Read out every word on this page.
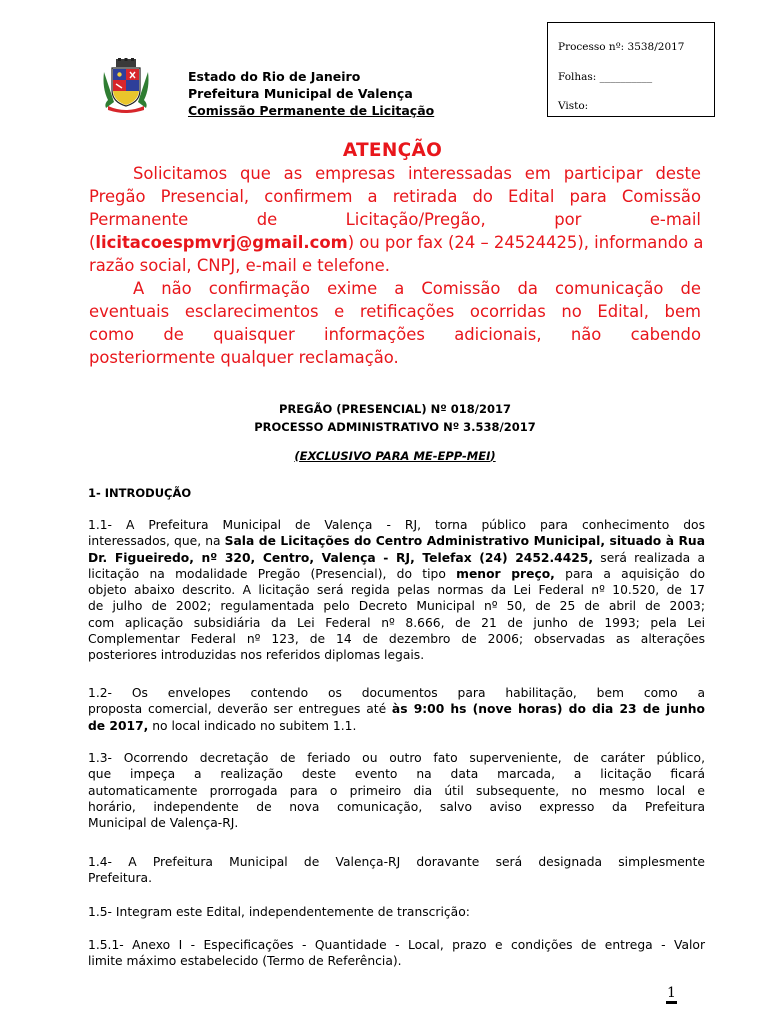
Estado do Rio de Janeiro
Prefeitura Municipal de Valença
Comissão Permanente de Licitação
Processo nº: 3538/2017
Folhas: __________
Visto:
ATENÇÃO
Solicitamos que as empresas interessadas em participar deste
Pregão Presencial, confirmem a retirada do Edital para Comissão
Permanente	de	Licitação/Pregão,	por	e-mail
(licitacoespmvrj@gmail.com) ou por fax (24 – 24524425), informando a
razão social, CNPJ, e-mail e telefone.
A não confirmação exime a Comissão da comunicação de
eventuais esclarecimentos e retificações ocorridas no Edital, bem
como de quaisquer informações adicionais, não cabendo
posteriormente qualquer reclamação.
PREGÃO (PRESENCIAL) Nº 018/2017
PROCESSO ADMINISTRATIVO Nº 3.538/2017
(EXCLUSIVO PARA ME-EPP-MEI)
1- INTRODUÇÃO
1.1- A Prefeitura Municipal de Valença - RJ, torna público para conhecimento dos
interessados, que, na Sala de Licitações do Centro Administrativo Municipal, situado à Rua
Dr. Figueiredo, nº 320, Centro, Valença - RJ, Telefax (24) 2452.4425, será realizada a
licitação na modalidade Pregão (Presencial), do tipo menor preço, para a aquisição do
objeto abaixo descrito. A licitação será regida pelas normas da Lei Federal nº 10.520, de 17
de julho de 2002; regulamentada pelo Decreto Municipal nº 50, de 25 de abril de 2003;
com aplicação subsidiária da Lei Federal nº 8.666, de 21 de junho de 1993; pela Lei
Complementar Federal nº 123, de 14 de dezembro de 2006; observadas as alterações
posteriores introduzidas nos referidos diplomas legais.
1.2- Os envelopes contendo os documentos para habilitação, bem como a
proposta comercial, deverão ser entregues até às 9:00 hs (nove horas) do dia 23 de junho
de 2017, no local indicado no subitem 1.1.
1.3- Ocorrendo decretação de feriado ou outro fato superveniente, de caráter público,
que impeça a realização deste evento na data marcada, a licitação ficará
automaticamente prorrogada para o primeiro dia útil subsequente, no mesmo local e
horário, independente de nova comunicação, salvo aviso expresso da Prefeitura
Municipal de Valença-RJ.
1.4- A Prefeitura Municipal de Valença-RJ doravante será designada simplesmente
Prefeitura.
1.5- Integram este Edital, independentemente de transcrição:
1.5.1- Anexo I - Especificações - Quantidade - Local, prazo e condições de entrega - Valor
limite máximo estabelecido (Termo de Referência).
1
